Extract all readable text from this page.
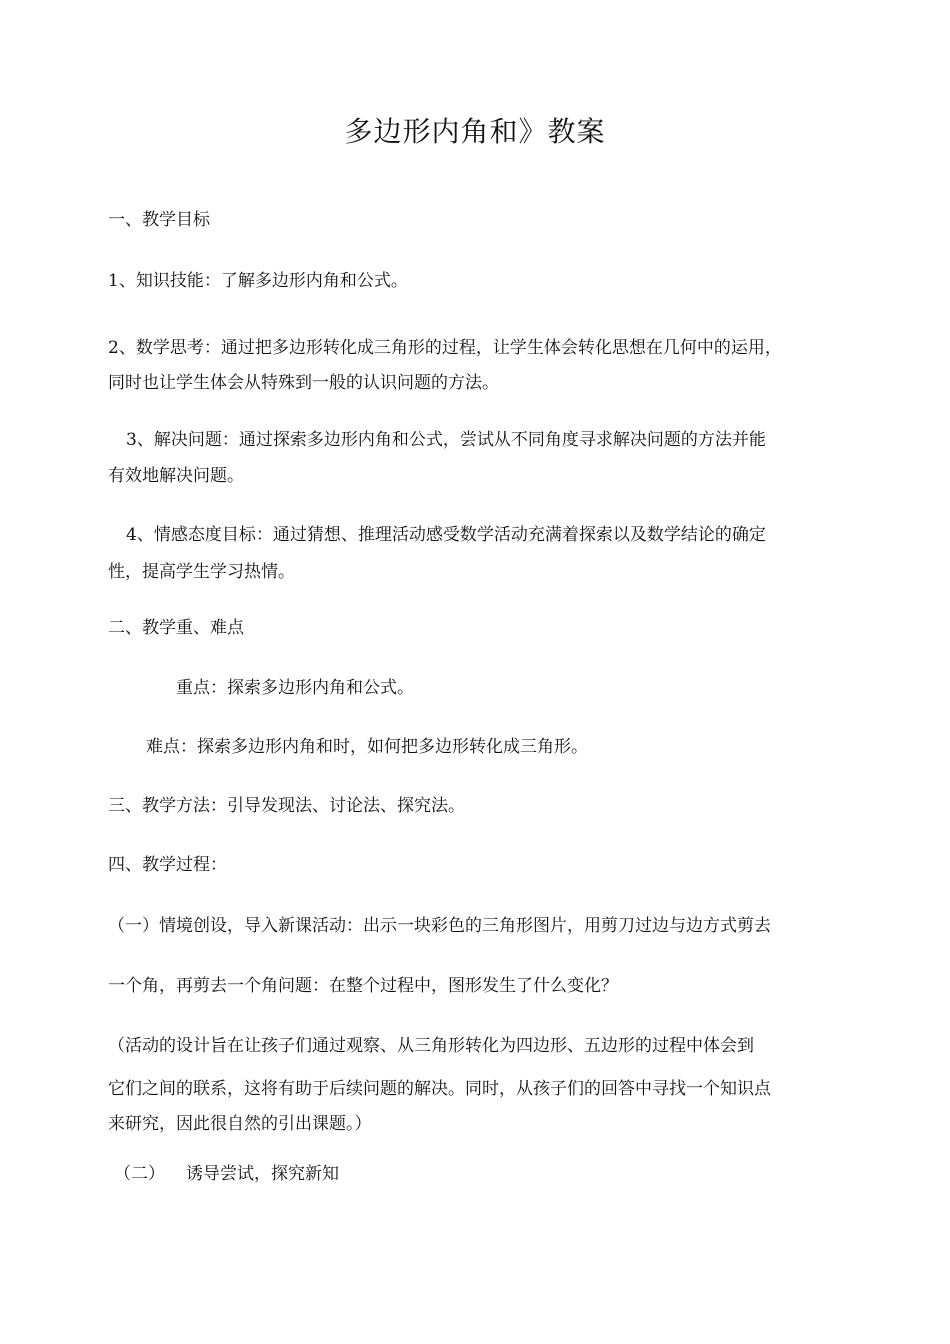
多边形内角和》教案
一、教学目标
1、知识技能：了解多边形内角和公式。
2、数学思考：通过把多边形转化成三角形的过程，让学生体会转化思想在几何中的运用，
同时也让学生体会从特殊到一般的认识问题的方法。
3、解决问题：通过探索多边形内角和公式，尝试从不同角度寻求解决问题的方法并能
有效地解决问题。
4、情感态度目标：通过猜想、推理活动感受数学活动充满着探索以及数学结论的确定
性，提高学生学习热情。
二、教学重、难点
重点：探索多边形内角和公式。
难点：探索多边形内角和时，如何把多边形转化成三角形。
三、教学方法：引导发现法、讨论法、探究法。
四、教学过程：
（一）情境创设，导入新课活动：出示一块彩色的三角形图片，用剪刀过边与边方式剪去
一个角，再剪去一个角问题：在整个过程中，图形发生了什么变化？
（活动的设计旨在让孩子们通过观察、从三角形转化为四边形、五边形的过程中体会到
它们之间的联系，这将有助于后续问题的解决。同时，从孩子们的回答中寻找一个知识点
来研究，因此很自然的引出课题。）
（二） 诱导尝试，探究新知
